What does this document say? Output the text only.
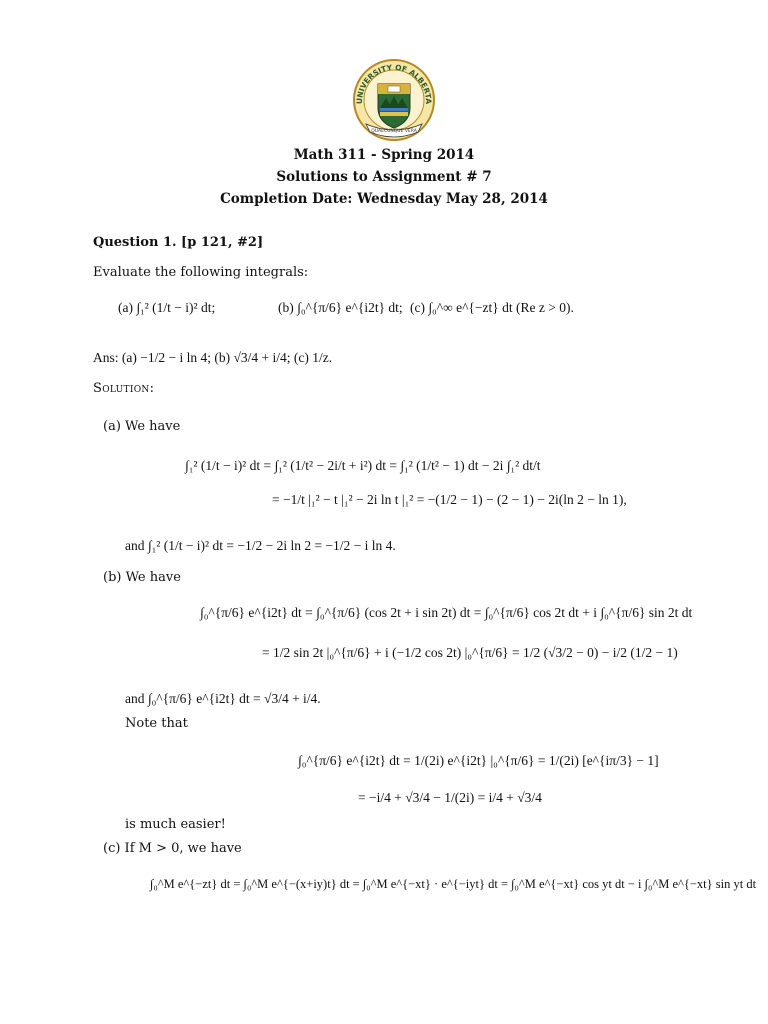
UNIVERSITY OF ALBERTA
QUAECUNQUE VERA
Math 311 - Spring 2014
Solutions to Assignment # 7
Completion Date: Wednesday May 28, 2014
Question 1. [p 121, #2]
Evaluate the following integrals:
(a) ∫₁² (1/t − i)² dt;	(b) ∫₀^{π/6} e^{i2t} dt; (c) ∫₀^∞ e^{−zt} dt (Re z > 0).
Ans: (a) −1/2 − i ln 4; (b) √3/4 + i/4; (c) 1/z.
Solution:
(a) We have
∫₁² (1/t − i)² dt = ∫₁² (1/t² − 2i/t + i²) dt = ∫₁² (1/t² − 1) dt − 2i ∫₁² dt/t
= −1/t |₁² − t |₁² − 2i ln t |₁² = −(1/2 − 1) − (2 − 1) − 2i(ln 2 − ln 1),
and ∫₁² (1/t − i)² dt = −1/2 − 2i ln 2 = −1/2 − i ln 4.
(b) We have
∫₀^{π/6} e^{i2t} dt = ∫₀^{π/6} (cos 2t + i sin 2t) dt = ∫₀^{π/6} cos 2t dt + i ∫₀^{π/6} sin 2t dt
= 1/2 sin 2t |₀^{π/6} + i (−1/2 cos 2t) |₀^{π/6} = 1/2 (√3/2 − 0) − i/2 (1/2 − 1)
and ∫₀^{π/6} e^{i2t} dt = √3/4 + i/4.
Note that
∫₀^{π/6} e^{i2t} dt = 1/(2i) e^{i2t} |₀^{π/6} = 1/(2i) [e^{iπ/3} − 1]
= −i/4 + √3/4 − 1/(2i) = i/4 + √3/4
is much easier!
(c) If M > 0, we have
∫₀^M e^{−zt} dt = ∫₀^M e^{−(x+iy)t} dt = ∫₀^M e^{−xt} · e^{−iyt} dt = ∫₀^M e^{−xt} cos yt dt − i ∫₀^M e^{−xt} sin yt dt
